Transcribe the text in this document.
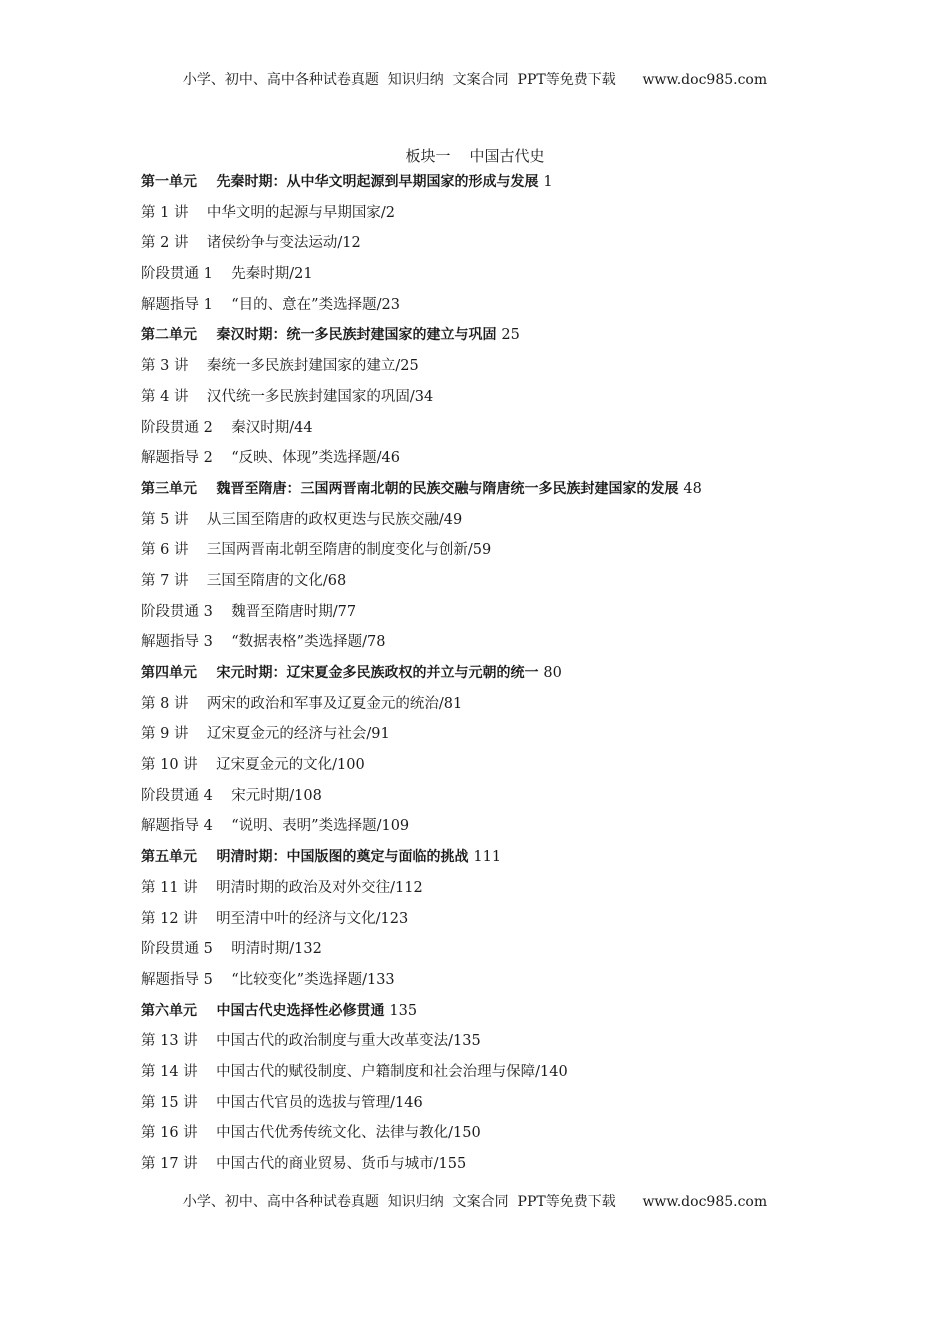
小学、初中、高中各种试卷真题  知识归纳  文案合同  PPT等免费下载      www.doc985.com
板块一    中国古代史
第一单元    先秦时期：从中华文明起源到早期国家的形成与发展 1
第 1 讲    中华文明的起源与早期国家/2
第 2 讲    诸侯纷争与变法运动/12
阶段贯通 1    先秦时期/21
解题指导 1    “目的、意在”类选择题/23
第二单元    秦汉时期：统一多民族封建国家的建立与巩固 25
第 3 讲    秦统一多民族封建国家的建立/25
第 4 讲    汉代统一多民族封建国家的巩固/34
阶段贯通 2    秦汉时期/44
解题指导 2    “反映、体现”类选择题/46
第三单元    魏晋至隋唐：三国两晋南北朝的民族交融与隋唐统一多民族封建国家的发展 48
第 5 讲    从三国至隋唐的政权更迭与民族交融/49
第 6 讲    三国两晋南北朝至隋唐的制度变化与创新/59
第 7 讲    三国至隋唐的文化/68
阶段贯通 3    魏晋至隋唐时期/77
解题指导 3    “数据表格”类选择题/78
第四单元    宋元时期：辽宋夏金多民族政权的并立与元朝的统一 80
第 8 讲    两宋的政治和军事及辽夏金元的统治/81
第 9 讲    辽宋夏金元的经济与社会/91
第 10 讲    辽宋夏金元的文化/100
阶段贯通 4    宋元时期/108
解题指导 4    “说明、表明”类选择题/109
第五单元    明清时期：中国版图的奠定与面临的挑战 111
第 11 讲    明清时期的政治及对外交往/112
第 12 讲    明至清中叶的经济与文化/123
阶段贯通 5    明清时期/132
解题指导 5    “比较变化”类选择题/133
第六单元    中国古代史选择性必修贯通 135
第 13 讲    中国古代的政治制度与重大改革变法/135
第 14 讲    中国古代的赋役制度、户籍制度和社会治理与保障/140
第 15 讲    中国古代官员的选拔与管理/146
第 16 讲    中国古代优秀传统文化、法律与教化/150
第 17 讲    中国古代的商业贸易、货币与城市/155
小学、初中、高中各种试卷真题  知识归纳  文案合同  PPT等免费下载      www.doc985.com
